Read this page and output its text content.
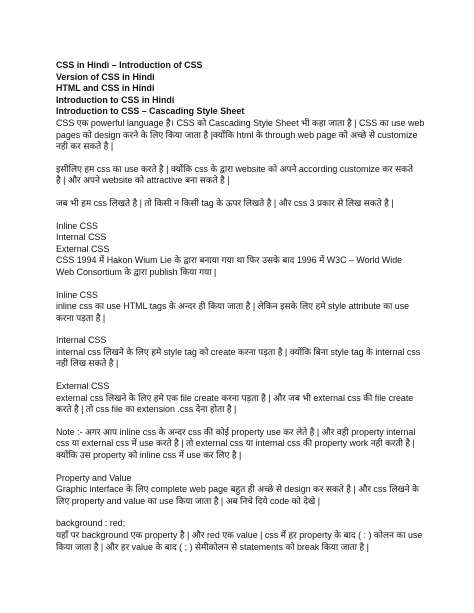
CSS in Hindi – Introduction of CSS
Version of CSS in Hindi
HTML and CSS in Hindi
Introduction to CSS in Hindi
Introduction to CSS – Cascading Style Sheet
CSS एक powerful language है। CSS को Cascading Style Sheet भी कहा जाता है | CSS का use web
pages को design करने के लिए किया जाता है |क्योंकि html के through web page को अच्छे से customize
नही कर सकते है |
इसीलिए हम css का use करते है | क्योंकि css के द्वारा website को अपने according customize कर सकते
है | और अपने website को attractive बना सकते है |
जब भी हम css लिखते है | तो किसी न किसी tag के ऊपर लिखते है | और css 3 प्रकार से लिख सकते है |
Inline CSS
Internal CSS
External CSS
CSS 1994 में Hakon Wium Lie के द्वारा बनाया गया था फिर उसके बाद 1996 में W3C – World Wide
Web Consortium के द्वारा publish किया गया |
Inline CSS
inline css का use HTML tags के अन्दर ही किया जाता है | लेकिन इसके लिए हमे style attribute का use
करना पड़ता है |
Internal CSS
internal css लिखने के लिए हमे style tag को create करना पड़ता है | क्योंकि बिना style tag के internal css
नही लिख सकते है |
External CSS
external css लिखने के लिए हमे एक file create करना पड़ता है | और जब भी external css की file create
करते है | तो css file का extension .css देना होता है |
Note :- अगर आप inline css के अन्दर css की कोई property use कर लेते है | और वही property internal
css या external css में use करते है | तो external css या internal css की property work नही करती है |
क्योंकि उस property को inline css में use कर लिए है |
Property and Value
Graphic interface के लिए complete web page बहुत ही अच्छे से design कर सकते है | और css लिखने के
लिए property and value का use किया जाता है | अब निचे दिये code को देखे |
background : red;
यहाँ पर background एक property है | और red एक value | css में हर property के बाद ( : ) कोलन का use
किया जाता है | और हर value के बाद ( ; ) सेमीकोलन से statements को break किया जाता है |
